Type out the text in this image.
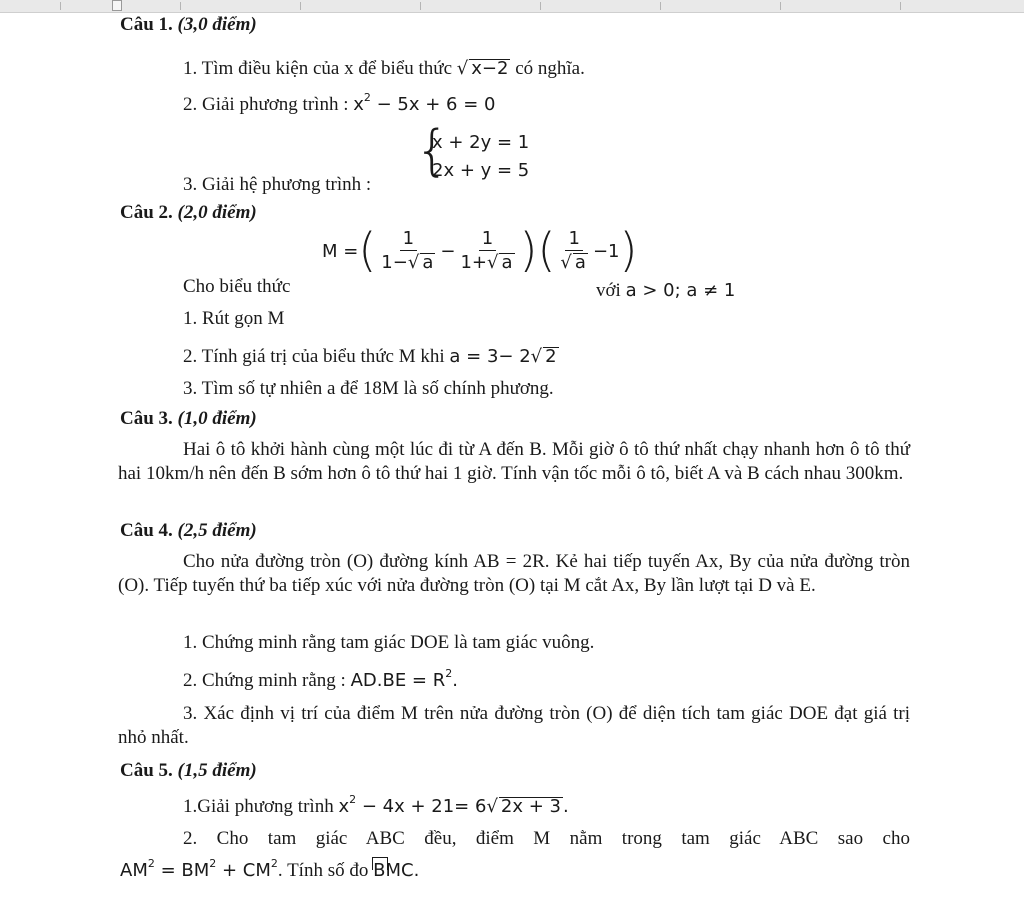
Câu 1. (3,0 điểm)
1. Tìm điều kiện của x để biểu thức √ x−2 có nghĩa.
2. Giải phương trình : $x^2 - 5x + 6 = 0$
3. Giải hệ phương trình :
{
x + 2y = 1
2x + y = 5
Câu 2. (2,0 điểm)
Cho biểu thức
M = ( $\frac{1}{1-√ a} - \frac{1}{1+√ a}$ ) ( $\frac{1}{√ a} -1$ )
với a > 0; a ≠ 1
1. Rút gọn M
2. Tính giá trị của biểu thức M khi a = 3− 2√ 2
3. Tìm số tự nhiên a để 18M là số chính phương.
Câu 3. (1,0 điểm)
Hai ô tô khởi hành cùng một lúc đi từ A đến B. Mỗi giờ ô tô thứ nhất chạy nhanh hơn ô tô thứ hai 10km/h nên đến B sớm hơn ô tô thứ hai 1 giờ. Tính vận tốc mỗi ô tô, biết A và B cách nhau 300km.
Câu 4. (2,5 điểm)
Cho nửa đường tròn (O) đường kính AB = 2R. Kẻ hai tiếp tuyến Ax, By của nửa đường tròn (O). Tiếp tuyến thứ ba tiếp xúc với nửa đường tròn (O) tại M cắt Ax, By lần lượt tại D và E.
1. Chứng minh rằng tam giác DOE là tam giác vuông.
2. Chứng minh rằng : $AD.BE = R^2$.
3. Xác định vị trí của điểm M trên nửa đường tròn (O) để diện tích tam giác DOE đạt giá trị nhỏ nhất.
Câu 5. (1,5 điểm)
1.Giải phương trình $x^2 - 4x + 21= 6√$ 2x + 3 .
2. Cho tam giác ABC đều, điểm M nằm trong tam giác ABC sao cho
$AM^2 = BM^2 + CM^2$. Tính số đo BMC.
